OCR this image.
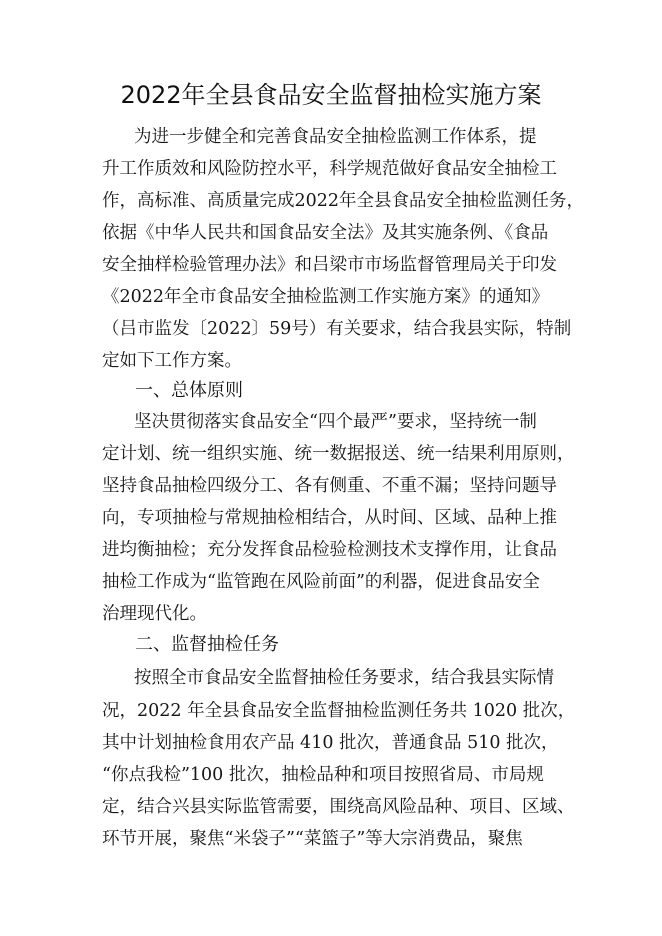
2022年全县食品安全监督抽检实施方案
为进一步健全和完善食品安全抽检监测工作体系，提
升工作质效和风险防控水平，科学规范做好食品安全抽检工
作，高标准、高质量完成2022年全县食品安全抽检监测任务，
依据《中华人民共和国食品安全法》及其实施条例、《食品
安全抽样检验管理办法》和吕梁市市场监督管理局关于印发
《2022年全市食品安全抽检监测工作实施方案》的通知》
（吕市监发〔2022〕59号）有关要求，结合我县实际，特制
定如下工作方案。
一、总体原则
坚决贯彻落实食品安全“四个最严”要求，坚持统一制
定计划、统一组织实施、统一数据报送、统一结果利用原则，
坚持食品抽检四级分工、各有侧重、不重不漏；坚持问题导
向，专项抽检与常规抽检相结合，从时间、区域、品种上推
进均衡抽检；充分发挥食品检验检测技术支撑作用，让食品
抽检工作成为“监管跑在风险前面”的利器，促进食品安全
治理现代化。
二、监督抽检任务
按照全市食品安全监督抽检任务要求，结合我县实际情
况，2022 年全县食品安全监督抽检监测任务共 1020 批次，
其中计划抽检食用农产品 410 批次，普通食品 510 批次，
“你点我检”100 批次，抽检品种和项目按照省局、市局规
定，结合兴县实际监管需要，围绕高风险品种、项目、区域、
环节开展，聚焦“米袋子”“菜篮子”等大宗消费品，聚焦
